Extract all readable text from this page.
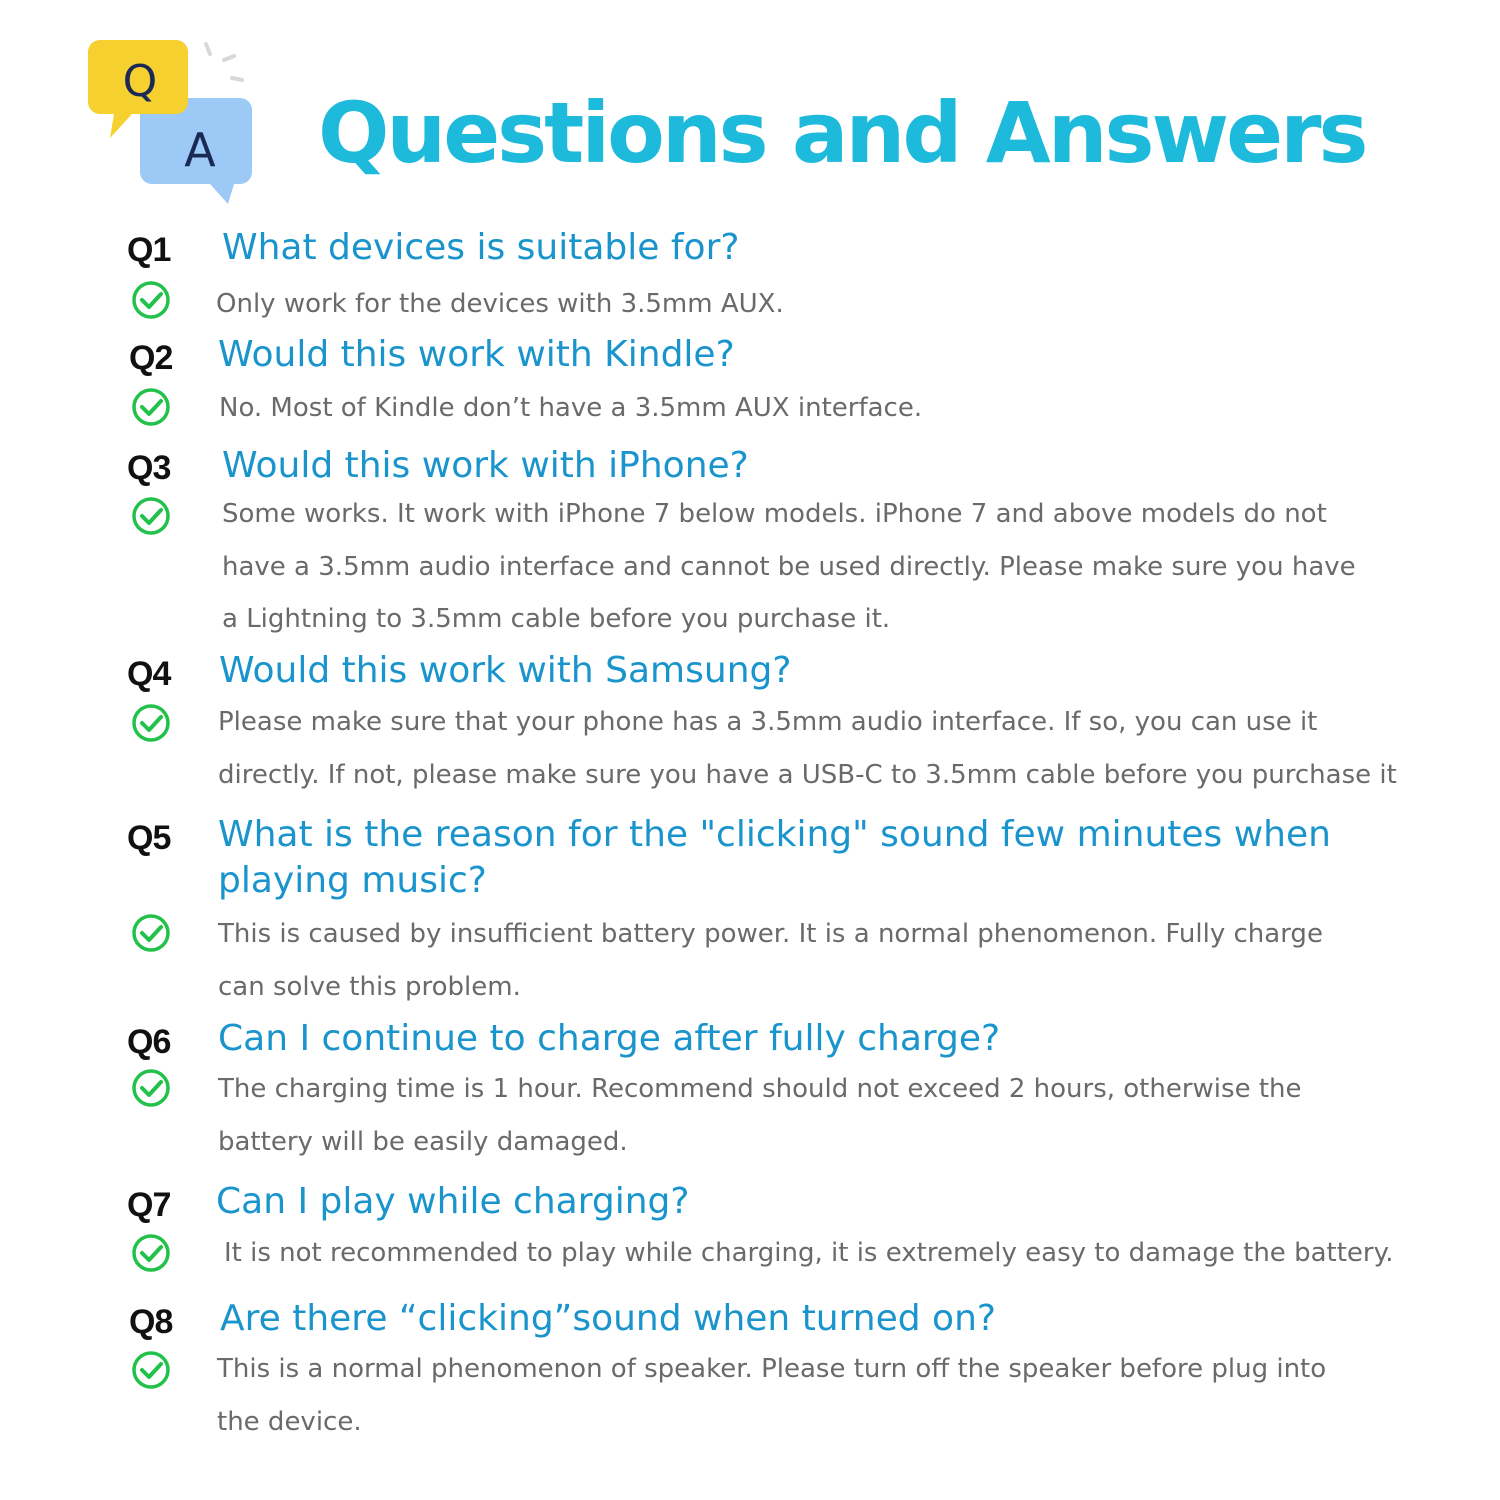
A
Q
Questions and Answers
Q1 What devices is suitable for?
Only work for the devices with 3.5mm AUX.
Q2 Would this work with Kindle?
No. Most of Kindle don’t have a 3.5mm AUX interface.
Q3 Would this work with iPhone?
Some works. It work with iPhone 7 below models. iPhone 7 and above models do not
have a 3.5mm audio interface and cannot be used directly. Please make sure you have
a Lightning to 3.5mm cable before you purchase it.
Q4 Would this work with Samsung?
Please make sure that your phone has a 3.5mm audio interface. If so, you can use it
directly. If not, please make sure you have a USB-C to 3.5mm cable before you purchase it
Q5 What is the reason for the "clicking" sound few minutes when
playing music?
This is caused by insufficient battery power. It is a normal phenomenon. Fully charge
can solve this problem.
Q6 Can I continue to charge after fully charge?
The charging time is 1 hour. Recommend should not exceed 2 hours, otherwise the
battery will be easily damaged.
Q7 Can I play while charging?
It is not recommended to play while charging, it is extremely easy to damage the battery.
Q8 Are there “clicking”sound when turned on?
This is a normal phenomenon of speaker. Please turn off the speaker before plug into
the device.
